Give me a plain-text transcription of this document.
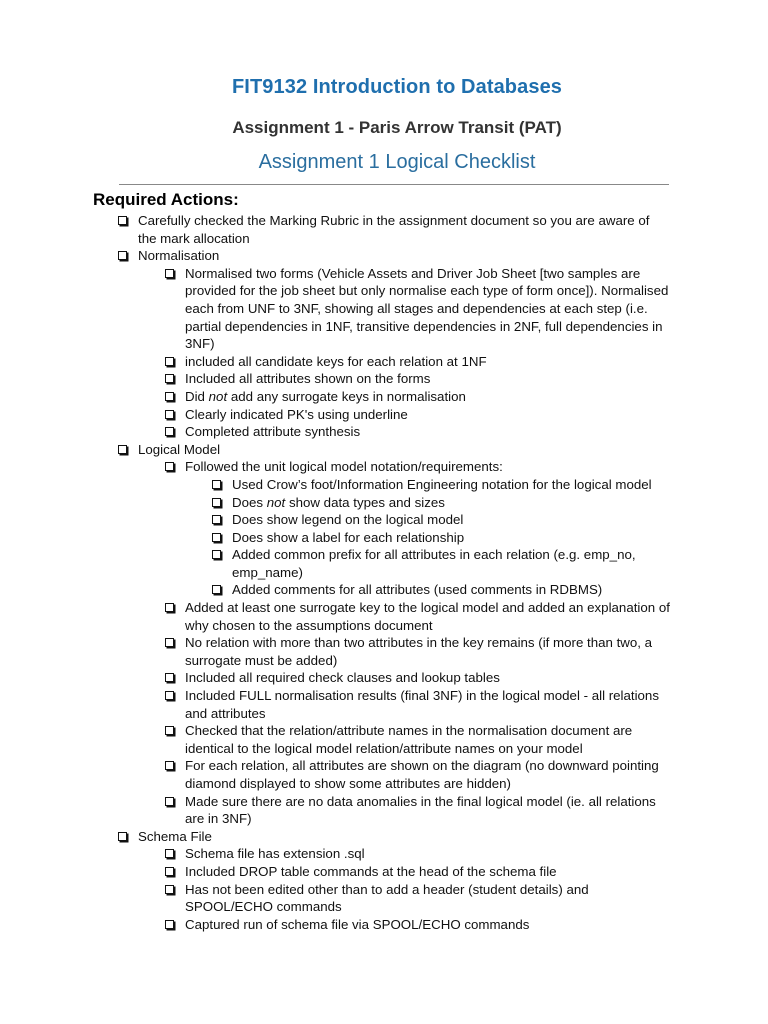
FIT9132 Introduction to Databases
Assignment 1 - Paris Arrow Transit (PAT)
Assignment 1 Logical Checklist
Required Actions:
Carefully checked the Marking Rubric in the assignment document so you are aware of the mark allocation
Normalisation
Normalised two forms (Vehicle Assets and Driver Job Sheet [two samples are provided for the job sheet but only normalise each type of form once]). Normalised each from UNF to 3NF, showing all stages and dependencies at each step (i.e. partial dependencies in 1NF, transitive dependencies in 2NF, full dependencies in 3NF)
included all candidate keys for each relation at 1NF
Included all attributes shown on the forms
Did not add any surrogate keys in normalisation
Clearly indicated PK's using underline
Completed attribute synthesis
Logical Model
Followed the unit logical model notation/requirements:
Used Crow’s foot/Information Engineering notation for the logical model
Does not show data types and sizes
Does show legend on the logical model
Does show a label for each relationship
Added common prefix for all attributes in each relation (e.g. emp_no, emp_name)
Added comments for all attributes (used comments in RDBMS)
Added at least one surrogate key to the logical model and added an explanation of why chosen to the assumptions document
No relation with more than two attributes in the key remains (if more than two, a surrogate must be added)
Included all required check clauses and lookup tables
Included FULL normalisation results (final 3NF) in the logical model - all relations and attributes
Checked that the relation/attribute names in the normalisation document are identical to the logical model relation/attribute names on your model
For each relation, all attributes are shown on the diagram (no downward pointing diamond displayed to show some attributes are hidden)
Made sure there are no data anomalies in the final logical model (ie. all relations are in 3NF)
Schema File
Schema file has extension .sql
Included DROP table commands at the head of the schema file
Has not been edited other than to add a header (student details) and SPOOL/ECHO commands
Captured run of schema file via SPOOL/ECHO commands
